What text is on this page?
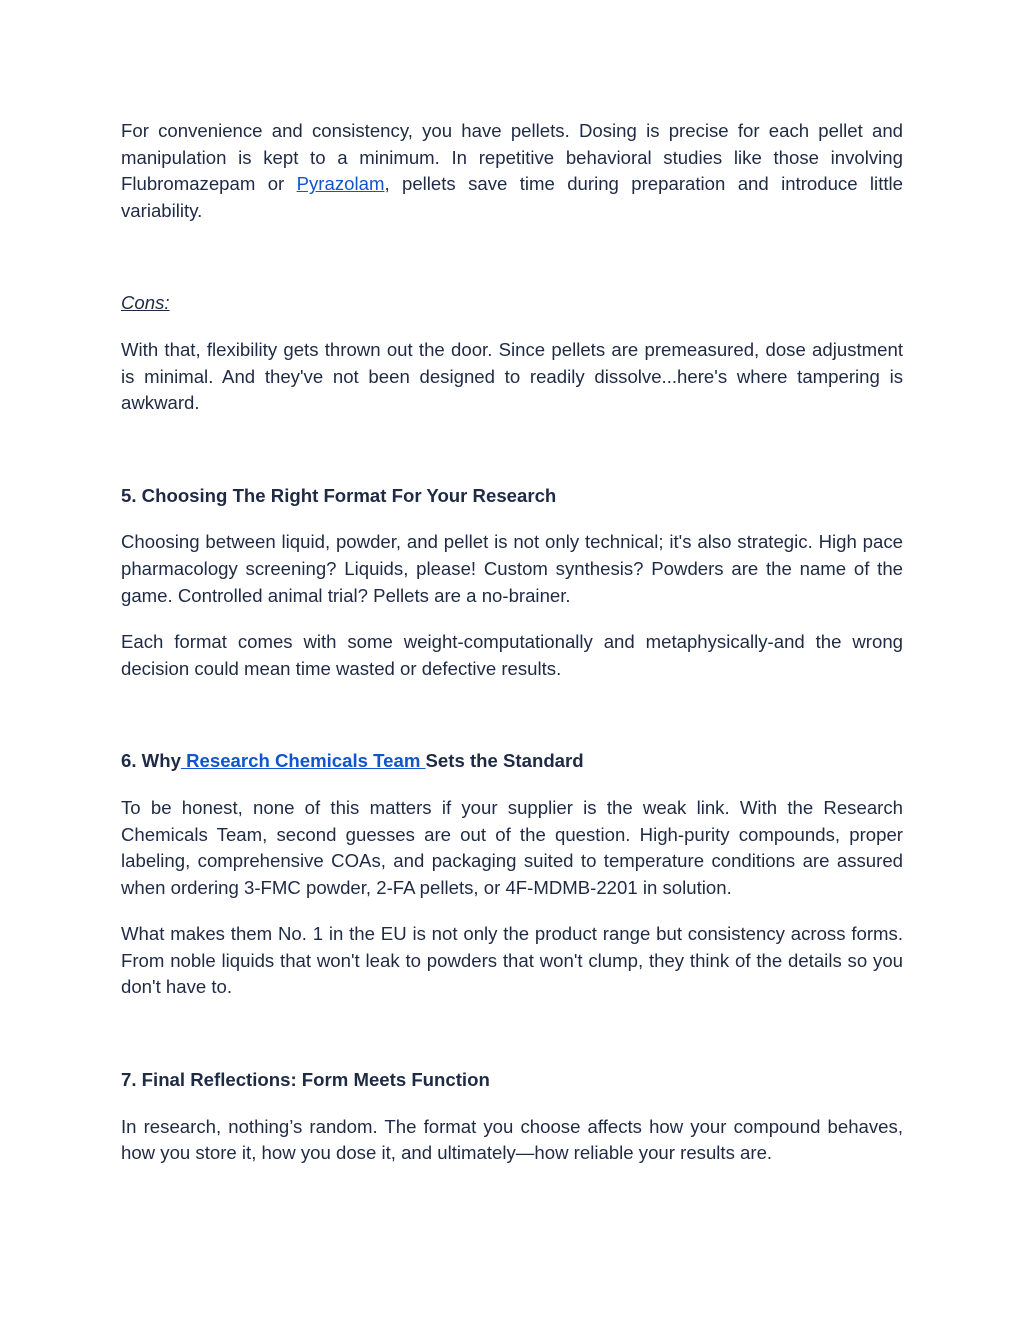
For convenience and consistency, you have pellets. Dosing is precise for each pellet and manipulation is kept to a minimum. In repetitive behavioral studies like those involving Flubromazepam or Pyrazolam, pellets save time during preparation and introduce little variability.

Cons:

With that, flexibility gets thrown out the door. Since pellets are premeasured, dose adjustment is minimal. And they've not been designed to readily dissolve...here's where tampering is awkward.

5. Choosing The Right Format For Your Research

Choosing between liquid, powder, and pellet is not only technical; it's also strategic. High pace pharmacology screening? Liquids, please! Custom synthesis? Powders are the name of the game. Controlled animal trial? Pellets are a no-brainer.

Each format comes with some weight-computationally and metaphysically-and the wrong decision could mean time wasted or defective results.

6. Why Research Chemicals Team Sets the Standard

To be honest, none of this matters if your supplier is the weak link. With the Research Chemicals Team, second guesses are out of the question. High-purity compounds, proper labeling, comprehensive COAs, and packaging suited to temperature conditions are assured when ordering 3-FMC powder, 2-FA pellets, or 4F-MDMB-2201 in solution.

What makes them No. 1 in the EU is not only the product range but consistency across forms. From noble liquids that won't leak to powders that won't clump, they think of the details so you don't have to.

7. Final Reflections: Form Meets Function

In research, nothing’s random. The format you choose affects how your compound behaves, how you store it, how you dose it, and ultimately—how reliable your results are.
